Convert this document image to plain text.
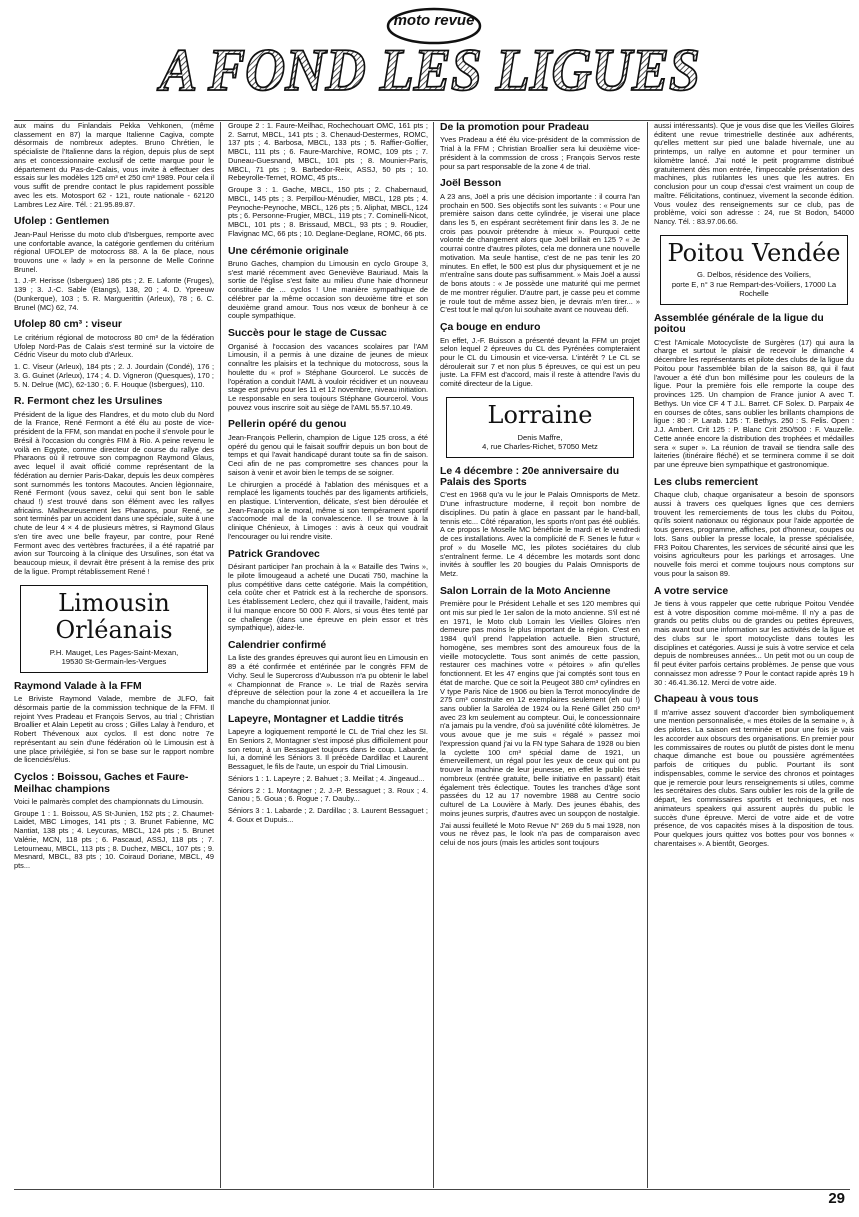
moto revue
A FOND LES LIGUES

aux mains du Finlandais Pekka Vehkonen, (même classement en 87) la marque Italienne Cagiva, compte désormais de nombreux adeptes. Bruno Chrétien, le spécialiste de l'Italienne dans la région, depuis plus de sept ans et concessionnaire exclusif de cette marque pour le département du Pas-de-Calais, vous invite à effectuer des essais sur les modèles 125 cm³ et 250 cm³ 1989. Pour cela il vous suffit de prendre contact le plus rapidement possible avec les ets. Motosport 62 - 121, route nationale - 62120 Lambres Lez Aire. Tél. : 21.95.89.87.

Ufolep : Gentlemen

Jean-Paul Herisse du moto club d'Isbergues, remporte avec une confortable avance, la catégorie gentlemen du critérium régional UFOLEP de motocross 88. A la 6e place, nous trouvons une « lady » en la personne de Melle Corinne Brunel.

1. J.-P. Herisse (Isbergues) 186 pts ; 2. E. Lafonte (Fruges), 139 ; 3. J.-C. Sable (Etangs), 138, 20 ; 4. D. Ypreeuw (Dunkerque), 103 ; 5. R. Marguerittin (Arleux), 78 ; 6. C. Brunel (MC) 62, 74.

Ufolep 80 cm³ : viseur

Le critérium régional de motocross 80 cm³ de la fédération Ufolep Nord-Pas de Calais s'est terminé sur la victoire de Cédric Viseur du moto club d'Arleux.

1. C. Viseur (Arleux), 184 pts ; 2. J. Jourdain (Condé), 176 ; 3. G. Guinet (Arleux), 174 ; 4. D. Vigneron (Quesques), 170 ; 5. N. Delrue (MC), 62-130 ; 6. F. Houque (Isbergues), 110.

R. Fermont chez les Ursulines

Président de la ligue des Flandres, et du moto club du Nord de la France, René Fermont a été élu au poste de vice-président de la FFM, son mandat en poche il s'envole pour le Brésil à l'occasion du congrès FIM à Rio. A peine revenu le voilà en Egypte, comme directeur de course du rallye des Pharaons où il retrouve son compagnon Raymond Glaus, avec lequel il avait officié comme représentant de la fédération au dernier Paris-Dakar, depuis les deux compères sont surnommés les tontons Macoutes. Ancien lègionnaire, René Fermont (vous savez, celui qui sent bon le sable chaud !) s'est trouvé dans son élément avec les rallyes africains. Malheureusement les Pharaons, pour René, se sont terminés par un accident dans une spéciale, suite à une chute de leur 4 × 4 de plusieurs mètres, si Raymond Glaus s'en tire avec une belle frayeur, par contre, pour René Fermont avec des vertèbres fracturées, il a été rapatrié par avion sur Tourcoing à la clinique des Ursulines, son état va beaucoup mieux, il devrait être présent à la remise des prix de la ligue. Prompt rétablissement René !

Limousin Orléanais

P.H. Mauget, Les Pages-Saint-Mexan,

19530 St-Germain-les-Vergues

Raymond Valade à la FFM

Le Briviste Raymond Valade, membre de JLFO, fait désormais partie de la commission technique de la FFM. Il rejoint Yves Pradeau et François Servos, au trial ; Christian Broallier et Alain Lepetit au cross ; Gilles Lalay à l'enduro, et Robert Thévenoux aux cyclos. Il est donc notre 7e représentant au sein d'une fédération où le Limousin est à une place privilégiée, si l'on se base sur le rapport nombre de licenciés/élus.

Cyclos : Boissou, Gaches et Faure-Meilhac champions

Voici le palmarès complet des championnats du Limousin.

Groupe 1 : 1. Boissou, AS St-Junien, 152 pts ; 2. Chaumet-Laidet, MBC Limoges, 141 pts ; 3. Brunet Fabienne, MC Nantiat, 138 pts ; 4. Leycuras, MBCL, 124 pts ; 5. Brunet Valérie, MCN, 118 pts ; 6. Pascaud, ASSJ, 118 pts ; 7. Letourneau, MBCL, 113 pts ; 8. Duchez, MBCL, 107 pts ; 9. Mesnard, MBCL, 83 pts ; 10. Coiraud Doriane, MBCL, 49 pts...

Groupe 2 : 1. Faure-Meilhac, Rochechouart OMC, 161 pts ; 2. Sarrut, MBCL, 141 pts ; 3. Chenaud-Destermes, ROMC, 137 pts ; 4. Barbosa, MBCL, 133 pts ; 5. Raffier-Golfier, MBCL, 111 pts ; 6. Faure-Marchive, ROMC, 109 pts ; 7. Duneau-Guesnand, MBCL, 101 pts ; 8. Mounier-Paris, MBCL, 71 pts ; 9. Barbedor-Reix, ASSJ, 50 pts ; 10. Rebeyrolle-Ternet, ROMC, 45 pts...

Groupe 3 : 1. Gache, MBCL, 150 pts ; 2. Chabernaud, MBCL, 145 pts ; 3. Perpillou-Ménudier, MBCL, 128 pts ; 4. Peynoche-Peynoche, MBCL, 126 pts ; 5. Aliphat, MBCL, 124 pts ; 6. Personne-Frugier, MBCL, 119 pts ; 7. Cominelli-Nicot, MBCL, 101 pts ; 8. Brissaud, MBCL, 93 pts ; 9. Roudier, Flavignac MC, 66 pts ; 10. Deglane-Deglane, ROMC, 66 pts.

Une cérémonie originale

Bruno Gaches, champion du Limousin en cyclo Groupe 3, s'est marié récemment avec Geneviève Bauriaud. Mais la sortie de l'église s'est faite au milieu d'une haie d'honneur constituée de ... cyclos ! Une manière sympathique de célébrer par la même occasion son deuxième titre et son deuxième grand amour. Tous nos vœux de bonheur à ce couple sympathique.

Succès pour le stage de Cussac

Organisé à l'occasion des vacances scolaires par l'AM Limousin, il a permis à une dizaine de jeunes de mieux connaître les plaisirs et la technique du motocross, sous la houlette du « prof » Stéphane Gourcerol. Le succès de l'opération a conduit l'AML à vouloir récidiver et un nouveau stage est prévu pour les 11 et 12 novembre, niveau initiation. Le responsable en sera toujours Stéphane Gourcerol. Vous pouvez vous inscrire soit au siège de l'AML 55.57.10.49.

Pellerin opéré du genou

Jean-François Pellerin, champion de Ligue 125 cross, a été opéré du genou qui le faisait souffrir depuis un bon bout de temps et qui l'avait handicapé durant toute sa fin de saison. Ceci afin de ne pas compromettre ses chances pour la saison à venir et avoir bien le temps de se soigner.

Le chirurgien a procédé à l'ablation des ménisques et a remplacé les ligaments touchés par des ligaments artificiels, en plastique. L'intervention, délicate, s'est bien déroulée et Jean-François a le moral, même si son tempérament sportif s'accomode mal de la convalescence. Il se trouve à la clinique Chénieux, à Limoges : avis à ceux qui voudrait l'encourager ou lui rendre visite.

Patrick Grandovec

Désirant participer l'an prochain à la « Bataille des Twins », le pilote limougeaud a acheté une Ducati 750, machine la plus compétitive dans cette catégorie. Mais la compétition, cela coûte cher et Patrick est à la recherche de sponsors. Les établissement Leclerc, chez qui il travaille, l'aident, mais il lui manque encore 50 000 F. Alors, si vous êtes tenté par ce challenge (dans une épreuve en plein essor et très sympathique), aidez-le.

Calendrier confirmé

La liste des grandes épreuves qui auront lieu en Limousin en 89 a été confirmée et entérinée par le congrès FFM de Vichy. Seul le Supercross d'Aubusson n'a pu obtenir le label « Championnat de France ». Le trial de Razès servira d'épreuve de sélection pour la zone 4 et accueillera la 1re manche du championnat junior.

Lapeyre, Montagner et Laddie titrés

Lapeyre a logiquement remporté le CL de Trial chez les SI. En Seniors 2, Montagner s'est imposé plus difficilement pour son retour, à un Bessaguet toujours dans le coup. Labarde, lui, a dominé les Séniors 3. Il précède Dardillac et Laurent Bessaguet, le fils de l'aute, un espoir du Trial Limousin.

Séniors 1 : 1. Lapeyre ; 2. Bahuet ; 3. Meillat ; 4. Jingeaud...

Séniors 2 : 1. Montagner ; 2. J.-P. Bessaguet ; 3. Roux ; 4. Canou ; 5. Goua ; 6. Rogue ; 7. Dauby...

Séniors 3 : 1. Labarde ; 2. Dardillac ; 3. Laurent Bessaguet ; 4. Goux et Dupuis...

De la promotion pour Pradeau

Yves Pradeau a été élu vice-président de la commission de Trial à la FFM ; Christian Broallier sera lui deuxième vice-président à la commssion de cross ; François Servos reste pour sa part responsable de la zone 4 de trial.

Joël Besson

A 23 ans, Joël a pris une décision importante : il courra l'an prochain en 500. Ses objectifs sont les suivants : « Pour une première saison dans cette cylindrée, je viserai une place dans les 5, en espérant secrètement finir dans les 3. Je ne crois pas pouvoir prétendre à mieux ». Pourquoi cette volonté de changement alors que Joël brillait en 125 ? « Je courrai contre d'autres pilotes, cela me donnera une nouvelle motivation. Ma seule hantise, c'est de ne pas tenir les 20 minutes. En effet, le 500 est plus dur physiquement et je ne m'entraîne sans doute pas suffisamment. » Mais Joël a aussi de bons atouts : « Je possède une maturité qui me permet de me montrer régulier. D'autre part, je casse peu et comme je roule tout de même assez bien, je devrais m'en tirer... » C'est tout le mal qu'on lui souhaite avant ce nouveau défi.

Ça bouge en enduro

En effet, J.-F. Buisson a présenté devant la FFM un projet selon lequel 2 épreuves du CL des Pyrénées compteraient pour le CL du Limousin et vice-versa. L'intérêt ? Le CL se déroulerait sur 7 et non plus 5 épreuves, ce qui est un peu juste. La FFM est d'accord, mais il reste à attendre l'avis du comité directeur de la Ligue.

Lorraine

Denis Maffre,

4, rue Charles-Richet, 57050 Metz

Le 4 décembre : 20e anniversaire du Palais des Sports

C'est en 1968 qu'a vu le jour le Palais Omnisports de Metz. D'une infrastructure moderne, il reçoit bon nombre de disciplines. Du patin à glace en passant par le hand-ball, tennis etc... Côté réparation, les sports n'ont pas été oubliés. A ce propos le Moselle MC bénéficie le mardi et le vendredi de ces installations. Avec la complicité de F. Senes le futur « prof » du Moselle MC, les pilotes sociétaires du club s'entraînent ferme. Le 4 décembre les motards sont donc invités à souffler les 20 bougies du Palais Omnisports de Metz.

Salon Lorrain de la Moto Ancienne

Première pour le Président Lehalle et ses 120 membres qui ont mis sur pied le 1er salon de la moto ancienne. S'il est né en 1971, le Moto club Lorrain les Vieilles Gloires n'en demeure pas moins le plus important de la région. C'est en 1984 qu'il prend l'appelation actuelle. Bien structuré, homogène, ses membres sont des amoureux fous de la vieille motocyclette. Tous sont animés de cette passion, restaurer ces machines votre « pétoires » afin qu'elles fonctionnent. Et les 47 engins que j'ai comptés sont tous en état de marche. Que ce soit la Peugeot 380 cm³ cylindres en V type Paris Nice de 1906 ou bien la Terrot monocylindre de 275 cm³ construite en 12 exemplaires seulement (eh oui !) sans oublier la Saroléa de 1924 ou la René Gillet 250 cm³ avec 23 km seulement au compteur. Oui, le concessionnaire n'a jamais pu la vendre, d'où sa juvénilité côté kilomètres. Je vous avoue que je me suis « régalé » passez moi l'expression quand j'ai vu la FN type Sahara de 1928 ou bien la cyclette 100 cm³ spécial dame de 1921, un émerveillement, un régal pour les yeux de ceux qui ont pu trouver la machine de leur jeunesse, en effet le public très nombreux (entrée gratuite, belle initiative en passant) était également très éclectique. Toutes les tranches d'âge sont passées du 12 au 17 novembre 1988 au Centre socio culturel de La Louvière à Marly. Des jeunes ébahis, des moins jeunes surpris, d'autres avec un soupçon de nostalgie.

J'ai aussi feuilleté le Moto Revue N° 269 du 5 mai 1928, non vous ne rêvez pas, le look n'a pas de comparaison avec celui de nos jours (mais les articles sont toujours

aussi intéressants). Que je vous dise que les Vieilles Gloires éditent une revue trimestrielle destinée aux adhérents, qu'elles mettent sur pied une balade hivernale, une au printemps, un rallye en automne et pour terminer un kilomètre lancé. J'ai noté le petit programme distribué gratuitement dès mon entrée, l'impeccable présentation des machines, plus rutilantes les unes que les autres. En conclusion pour un coup d'essai c'est vraiment un coup de maître. Félicitations, continuez, vivement la seconde édition. Vous voulez des renseignements sur ce club, pas de problème, voici son adresse : 24, rue St Bodon, 54000 Nancy. Tél. : 83.97.06.66.

Poitou Vendée

G. Delbos, résidence des Voiliers,

porte E, n° 3 rue Rempart-des-Voiliers, 17000 La Rochelle

Assemblée générale de la ligue du poitou

C'est l'Amicale Motocycliste de Surgères (17) qui aura la charge et surtout le plaisir de recevoir le dimanche 4 décembre les représentants et pilote des clubs de la ligue du Poitou pour l'assemblée bilan de la saison 88, qui il faut l'avouer a été d'un bon millésime pour les couleurs de la ligue. Pour la première fois elle remporte la coupe des provinces 125. Un champion de France junior A avec T. Bethys. Un vice CF 4 T J.L. Barret. CF Solex. D. Parpaix 4e en courses de côtes, sans oublier les brillants champions de ligue : 80 : P. Larab. 125 : T. Bethys. 250 : S. Felis. Open : J.J. Ambert. Crit 125 : P. Blanc Crit 250/500 : F. Vauzelle. Cette année encore la distribution des trophées et médailles sera « super ». La réunion de travail se tiendra salle des laiteries (itinéraire fléché) et se terminera comme il se doit par une épreuve bien sympathique et gastronomique.

Les clubs remercient

Chaque club, chaque organisateur a besoin de sponsors aussi à travers ces quelques lignes que ces derniers trouvent les remerciements de tous les clubs du Poitou, qu'ils soient nationaux ou régionaux pour l'aide apportée de tous genres, programme, affiches, pot d'honneur, coupes ou lots. Sans oublier la presse locale, la presse spécialisée, FR3 Poitou Charentes, les services de sécurité ainsi que les voisins agriculteurs pour les parkings et arrosages. Une nouvelle fois merci et comme toujours nous comptons sur vous pour la saison 89.

A votre service

Je tiens à vous rappeler que cette rubrique Poitou Vendée est à votre disposition comme moi-même. Il n'y a pas de grands ou petits clubs ou de grandes ou petites épreuves, mais avant tout une information sur les activités de la ligue et des clubs sur le sport motocycliste dans toutes les disciplines et catégories. Aussi je suis à votre service et cela depuis de nombreuses années... Un petit mot ou un coup de fil peut éviter parfois certains problèmes. Je pense que vous connaissez mon adresse ? Pour le contact rapide après 19 h 30 : 46.41.36.12. Merci de votre aide.

Chapeau à vous tous

Il m'arrive assez souvent d'accorder bien symboliquement une mention personnalisée, « mes étoiles de la semaine », à des pilotes. La saison est terminée et pour une fois je vais les accorder aux obscurs des organisations. En premier pour les commissaires de routes ou plutôt de pistes dont le menu chaque dimanche est boue ou poussière agrémentées parfois de critiques du public. Pourtant ils sont indispensables, comme le service des chronos et pointages que je remercie pour leurs renseignements si utiles, comme les secrétaires des clubs. Sans oublier les rois de la grille de départ, les commissaires sportifs et techniques, et nos animateurs speakers qui assurent auprès du public le succès d'une épreuve. Merci de votre aide et de votre présence, de vos capacités mises à la disposition de tous. Pour quelques jours quittez vos bottes pour vos bonnes « charentaises ». A bientôt, Georges.

29
